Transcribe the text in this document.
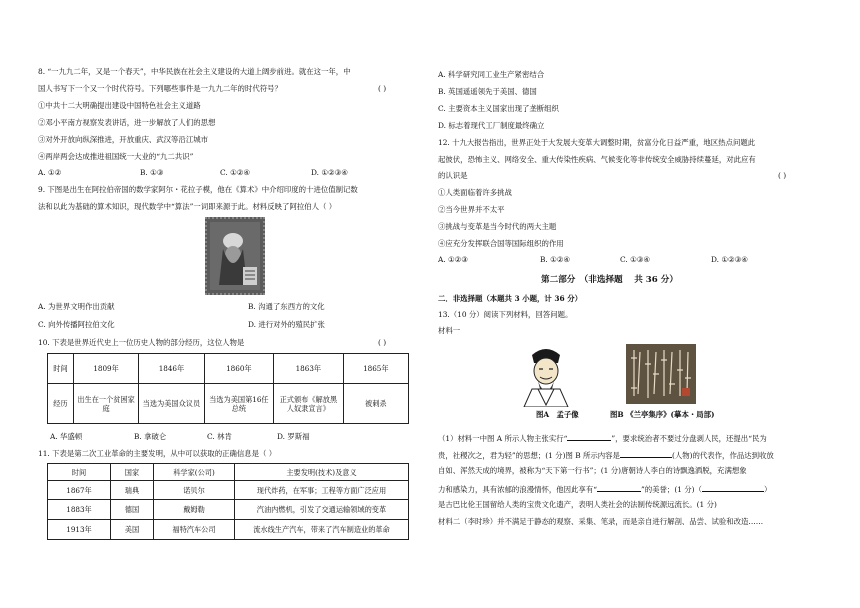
8. “一九九二年，又是一个春天”，中华民族在社会主义建设的大道上阔步前进。就在这一年，中
国人书写下一个又一个时代符号。下列哪些事件是一九九二年的时代符号？	( )
①中共十二大明确提出建设中国特色社会主义道路
②邓小平南方视察发表讲话，进一步解放了人们的思想
③对外开放向纵深推进，开放重庆、武汉等沿江城市
④两岸两会达成推进祖国统一大业的“九二共识”
A. ①②	B. ①③	C. ①②④	D. ①②③④
9. 下图是出生在阿拉伯帝国的数学家阿尔・花拉子模，他在《算术》中介绍印度的十进位值制记数
法和以此为基础的算术知识，现代数学中“算法”一词即来源于此。材料反映了阿拉伯人（ ）
A. 为世界文明作出贡献	B. 沟通了东西方的文化
C. 向外传播阿拉伯文化	D. 进行对外的殖民扩张
10. 下表是世界近代史上一位历史人物的部分经历，这位人物是	( )
时间	1809年	1846年	1860年	1863年	1865年
经历	出生在一个贫困家庭	当选为美国众议员	当选为美国第16任总统	正式颁布《解放黑人奴隶宣言》	被刺杀
A. 华盛顿	B. 拿破仑	C. 林肯	D. 罗斯福
11. 下表是第二次工业革命的主要发明，从中可以获取的正确信息是（ ）
时间	国家	科学家(公司)	主要发明(技术)及意义
1867年	瑞典	诺贝尔	现代炸药，在军事；工程等方面广泛应用
1883年	德国	戴姆勒	汽油内燃机，引发了交通运输领域的变革
1913年	美国	福特汽车公司	流水线生产汽车，带来了汽车制造业的革命
A. 科学研究同工业生产紧密结合
B. 英国遥遥领先于美国、德国
C. 主要资本主义国家出现了垄断组织
D. 标志着现代工厂制度最终确立
12. 十九大报告指出，世界正处于大发展大变革大调整时期，贫富分化日益严重，地区热点问题此
起彼伏，恐怖主义、网络安全、重大传染性疾病、气候变化等非传统安全威胁持续蔓延，对此应有
的认识是	( )
①人类面临着许多挑战
②当今世界并不太平
③挑战与变革是当今时代的两大主题
④应充分发挥联合国等国际组织的作用
A. ①②③	B. ①②④	C. ①③④	D. ①②③④
第二部分　（非选择题　 共 36 分）
二．非选择题（本题共 3 小题，计 36 分）
13.（10 分）阅读下列材料，回答问题。
材料一
图A　孟子像	图B 《兰亭集序》(摹本・局部)
（1）材料一中图 A 所示人物主张实行“	”，要求统治者不要过分盘剥人民，还提出“民为
贵，社稷次之，君为轻”的思想；(1 分)图 B 所示内容是	(人物)的代表作，作品达到收放
自如、浑然天成的境界，被称为“天下第一行书”；(1 分)唐朝诗人李白的诗飘逸洒脱，充满想象
力和感染力，具有浓郁的浪漫情怀，他因此享有“	”的美誉；(1 分)（	）
是古巴比伦王国留给人类的宝贵文化遗产，表明人类社会的法制传统源远流长。(1 分)
材料二（李时珍）并不满足于静态的观察、采集、笔录，而是亲自进行解剖、品尝、试验和改造……
